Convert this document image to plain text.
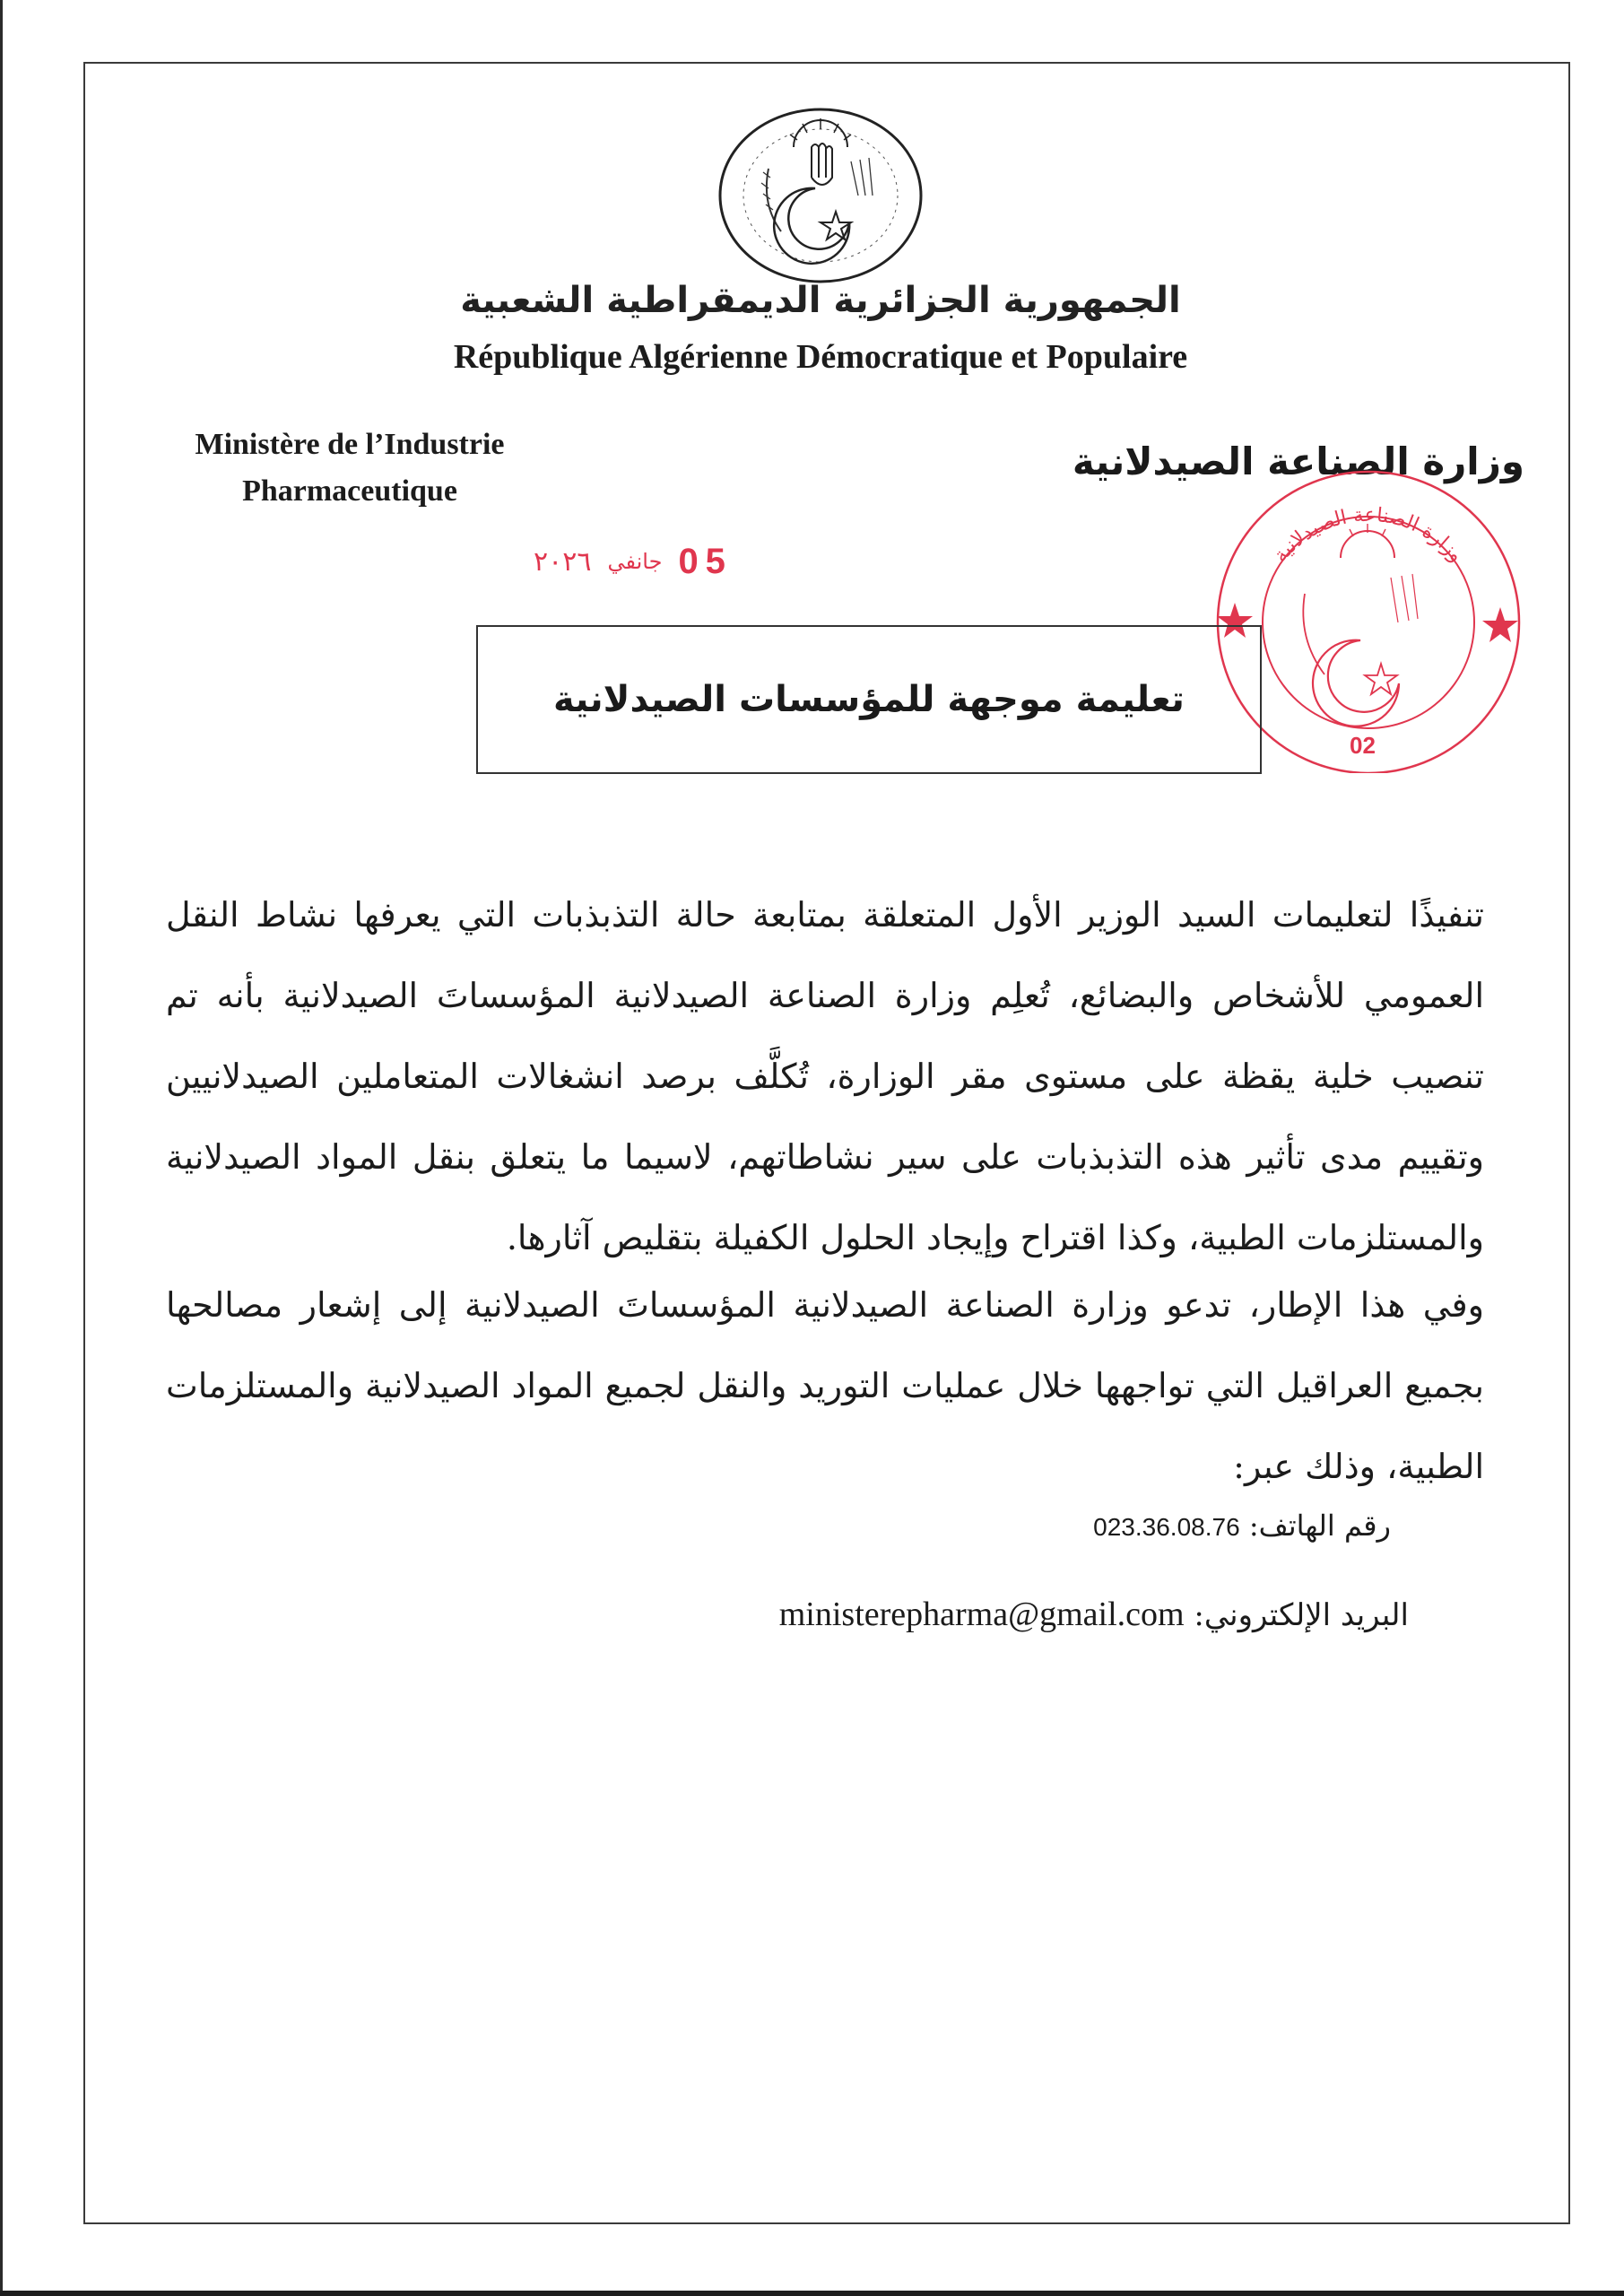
الجمهورية الجزائرية الديمقراطية الشعبية
République Algérienne Démocratique et Populaire
Ministère de l’Industrie
Pharmaceutique
وزارة الصناعة الصيدلانية
٢٠٢٦ جانفي 05	وزارة الصناعة الصيدلانية
02
تعليمة موجهة للمؤسسات الصيدلانية
تنفيذًا لتعليمات السيد الوزير الأول المتعلقة بمتابعة حالة التذبذبات التي يعرفها نشاط النقل العمومي للأشخاص والبضائع، تُعلِم وزارة الصناعة الصيدلانية المؤسساتَ الصيدلانية بأنه تم تنصيب خلية يقظة على مستوى مقر الوزارة، تُكلَّف برصد انشغالات المتعاملين الصيدلانيين وتقييم مدى تأثير هذه التذبذبات على سير نشاطاتهم، لاسيما ما يتعلق بنقل المواد الصيدلانية والمستلزمات الطبية، وكذا اقتراح وإيجاد الحلول الكفيلة بتقليص آثارها.
وفي هذا الإطار، تدعو وزارة الصناعة الصيدلانية المؤسساتَ الصيدلانية إلى إشعار مصالحها بجميع العراقيل التي تواجهها خلال عمليات التوريد والنقل لجميع المواد الصيدلانية والمستلزمات الطبية، وذلك عبر:
رقم الهاتف: 023.36.08.76
البريد الإلكتروني: ministerepharma@gmail.com
